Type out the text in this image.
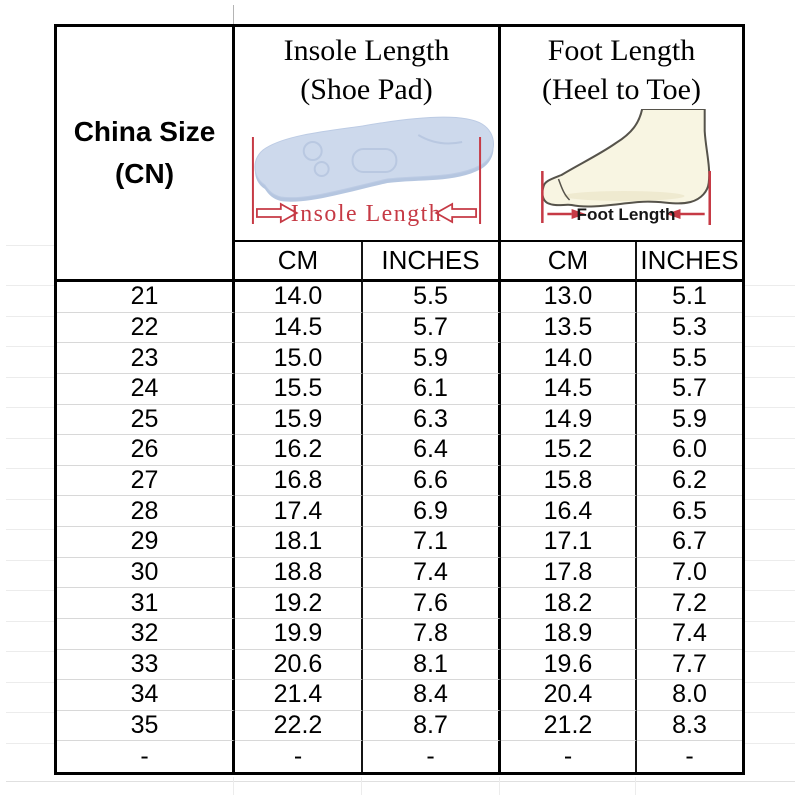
China Size
(CN)
Insole Length
(Shoe Pad)
Insole Length
Foot Length
(Heel to Toe)
Foot Length
CM	INCHES	CM	INCHES
21	14.0	5.5	13.0	5.1
22	14.5	5.7	13.5	5.3
23	15.0	5.9	14.0	5.5
24	15.5	6.1	14.5	5.7
25	15.9	6.3	14.9	5.9
26	16.2	6.4	15.2	6.0
27	16.8	6.6	15.8	6.2
28	17.4	6.9	16.4	6.5
29	18.1	7.1	17.1	6.7
30	18.8	7.4	17.8	7.0
31	19.2	7.6	18.2	7.2
32	19.9	7.8	18.9	7.4
33	20.6	8.1	19.6	7.7
34	21.4	8.4	20.4	8.0
35	22.2	8.7	21.2	8.3
-	-	-	-	-
